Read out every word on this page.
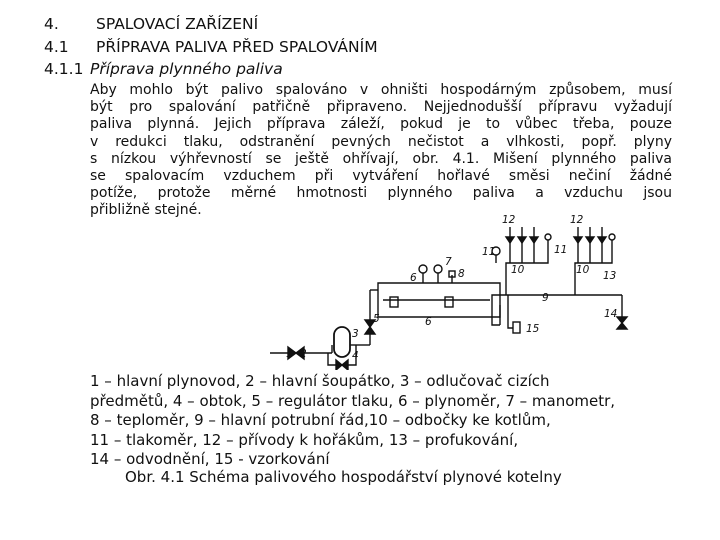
4. SPALOVACÍ ZAŘÍZENÍ
4.1 PŘÍPRAVA PALIVA PŘED SPALOVÁNÍM
4.1.1 Příprava plynného paliva
Aby mohlo být palivo spalováno v ohništi hospodárným způsobem, musí
být pro spalování patřičně připraveno. Nejjednodušší přípravu vyžadují
paliva plynná. Jejich příprava záleží, pokud je to vůbec třeba, pouze
v redukci tlaku, odstranění pevných nečistot a vlhkosti, popř. plyny
s nízkou výhřevností se ještě ohřívají, obr. 4.1. Mišení plynného paliva
se spalovacím vzduchem při vytváření hořlavé směsi nečiní žádné
potíže, protože měrné hmotnosti plynného paliva a vzduchu jsou
přibližně stejné.
1 2
3
4
5
6
6
7
8
9
10	10
11	11
12	12
13
14
15
1 – hlavní plynovod, 2 – hlavní šoupátko, 3 – odlučovač cizích
předmětů, 4 – obtok, 5 – regulátor tlaku, 6 – plynoměr, 7 – manometr,
8 – teploměr, 9 – hlavní potrubní řád,10 – odbočky ke kotlům,
11 – tlakoměr, 12 – přívody k hořákům, 13 – profukování,
14 – odvodnění, 15 - vzorkování
Obr. 4.1 Schéma palivového hospodářství plynové kotelny
